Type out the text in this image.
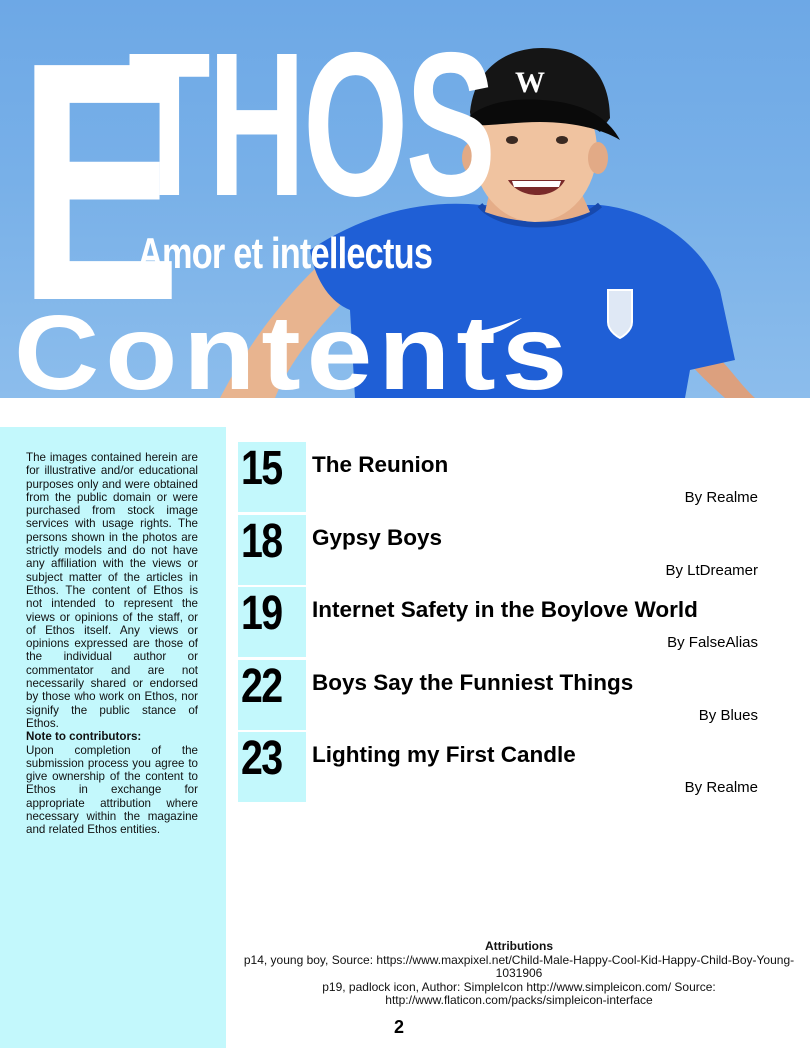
W
E
THOS
Amor et intellectus
Contents

The images contained herein are for illustrative and/or educational purposes only and were obtained from the public domain or were purchased from stock image services with usage rights. The persons shown in the photos are strictly models and do not have any affiliation with the views or subject matter of the articles in Ethos. The content of Ethos is not intended to represent the views or opinions of the staff, or of Ethos itself. Any views or opinions expressed are those of the individual author or commentator and are not necessarily shared or endorsed by those who work on Ethos, nor signify the public stance of Ethos.

Note to contributors:

Upon completion of the submission process you agree to give ownership of the content to Ethos in exchange for appropriate attribution where necessary within the magazine and related Ethos entities.

15 The Reunion
By Realme
18 Gypsy Boys
By LtDreamer
19 Internet Safety in the Boylove World
By FalseAlias
22 Boys Say the Funniest Things
By Blues
23 Lighting my First Candle
By Realme
Attributions
p14, young boy, Source: https://www.maxpixel.net/Child-Male-Happy-Cool-Kid-Happy-Child-Boy-Young-1031906
p19, padlock icon, Author: SimpleIcon http://www.simpleicon.com/ Source: http://www.flaticon.com/packs/simpleicon-interface
2
